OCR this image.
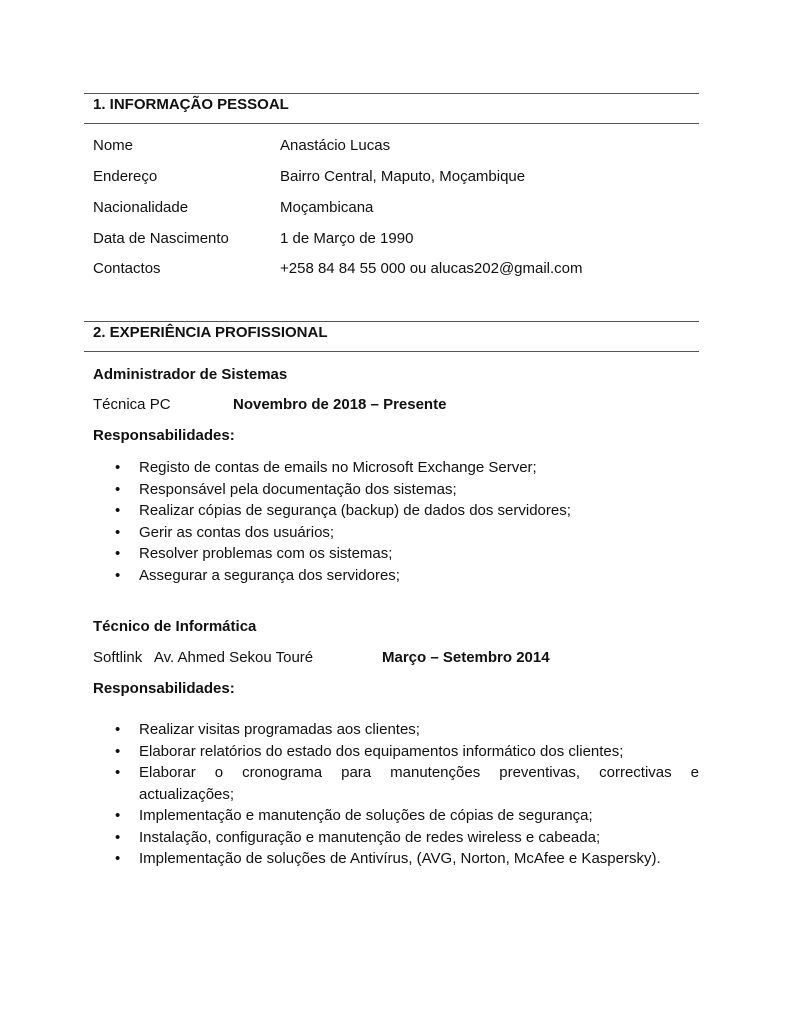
1. INFORMAÇÃO PESSOAL
Nome	Anastácio Lucas
Endereço	Bairro Central, Maputo, Moçambique
Nacionalidade	Moçambicana
Data de Nascimento	1 de Março de 1990
Contactos	+258 84 84 55 000 ou alucas202@gmail.com
2. EXPERIÊNCIA PROFISSIONAL
Administrador de Sistemas
Técnica PC	Novembro de 2018 – Presente
Responsabilidades:
• Registo de contas de emails no Microsoft Exchange Server;
• Responsável pela documentação dos sistemas;
• Realizar cópias de segurança (backup) de dados dos servidores;
• Gerir as contas dos usuários;
• Resolver problemas com os sistemas;
• Assegurar a segurança dos servidores;
Técnico de Informática
Softlink   Av. Ahmed Sekou Touré	Março – Setembro 2014
Responsabilidades:
• Realizar visitas programadas aos clientes;
• Elaborar relatórios do estado dos equipamentos informático dos clientes;
• Elaborar o cronograma para manutenções preventivas, correctivas e
actualizações;
• Implementação e manutenção de soluções de cópias de segurança;
• Instalação, configuração e manutenção de redes wireless e cabeada;
• Implementação de soluções de Antivírus, (AVG, Norton, McAfee e Kaspersky).
